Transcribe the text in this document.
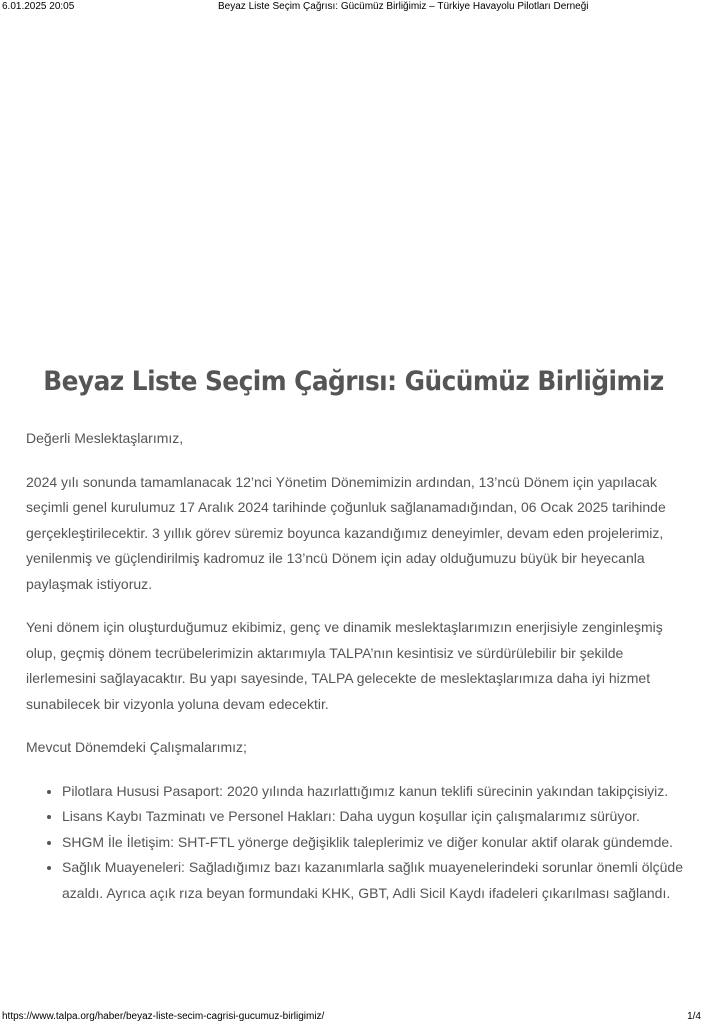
6.01.2025 20:05	Beyaz Liste Seçim Çağrısı: Gücümüz Birliğimiz – Türkiye Havayolu Pilotları Derneği
Beyaz Liste Seçim Çağrısı: Gücümüz Birliğimiz

Değerli Meslektaşlarımız,

2024 yılı sonunda tamamlanacak 12’nci Yönetim Dönemimizin ardından, 13’ncü Dönem için yapılacak seçimli genel kurulumuz 17 Aralık 2024 tarihinde çoğunluk sağlanamadığından, 06 Ocak 2025 tarihinde gerçekleştirilecektir. 3 yıllık görev süremiz boyunca kazandığımız deneyimler, devam eden projelerimiz, yenilenmiş ve güçlendirilmiş kadromuz ile 13’ncü Dönem için aday olduğumuzu büyük bir heyecanla paylaşmak istiyoruz.

Yeni dönem için oluşturduğumuz ekibimiz, genç ve dinamik meslektaşlarımızın enerjisiyle zenginleşmiş olup, geçmiş dönem tecrübelerimizin aktarımıyla TALPA’nın kesintisiz ve sürdürülebilir bir şekilde ilerlemesini sağlayacaktır. Bu yapı sayesinde, TALPA gelecekte de meslektaşlarımıza daha iyi hizmet sunabilecek bir vizyonla yoluna devam edecektir.

Mevcut Dönemdeki Çalışmalarımız;

• Pilotlara Hususi Pasaport: 2020 yılında hazırlattığımız kanun teklifi sürecinin yakından takipçisiyiz.
• Lisans Kaybı Tazminatı ve Personel Hakları: Daha uygun koşullar için çalışmalarımız sürüyor.
• SHGM İle İletişim: SHT-FTL yönerge değişiklik taleplerimiz ve diğer konular aktif olarak gündemde.
• Sağlık Muayeneleri: Sağladığımız bazı kazanımlarla sağlık muayenelerindeki sorunlar önemli ölçüde azaldı. Ayrıca açık rıza beyan formundaki KHK, GBT, Adli Sicil Kaydı ifadeleri çıkarılması sağlandı.
https://www.talpa.org/haber/beyaz-liste-secim-cagrisi-gucumuz-birligimiz/	1/4
